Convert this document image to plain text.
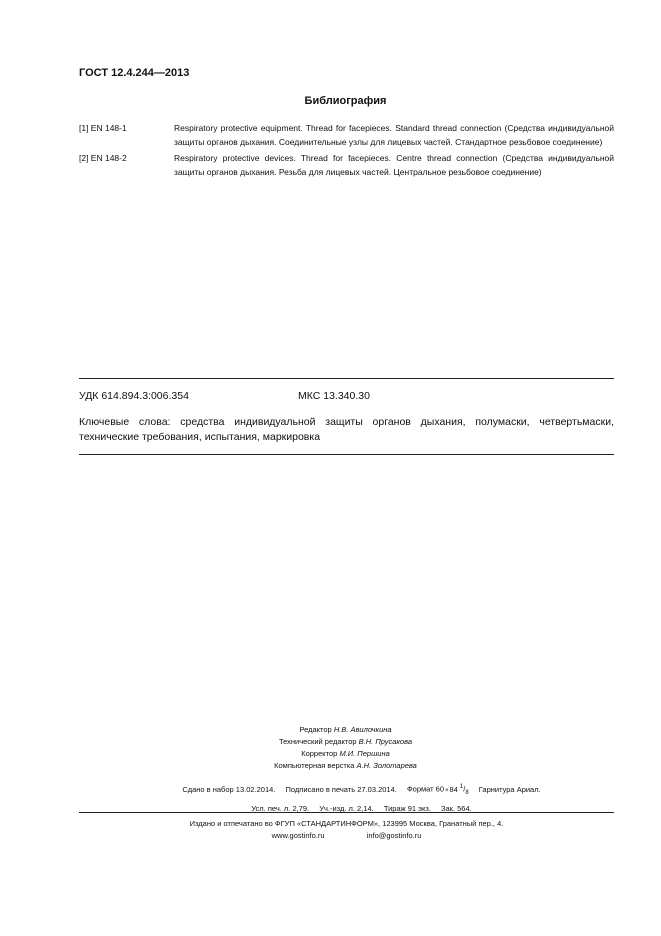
ГОСТ 12.4.244—2013
Библиография
[1] EN 148-1	Respiratory protective equipment. Thread for facepieces. Standard thread connection (Средства индивидуальной защиты органов дыхания. Соединительные узлы для лицевых частей. Стандартное резьбовое соединение)
[2] EN 148-2	Respiratory protective devices. Thread for facepieces. Centre thread connection (Средства индивидуальной защиты органов дыхания. Резьба для лицевых частей. Центральное резьбовое соединение)
УДК 614.894.3:006.354	МКС 13.340.30
Ключевые слова: средства индивидуальной защиты органов дыхания, полумаски, четвертьмаски, технические требования, испытания, маркировка
Редактор Н.В. Авилочкина
Технический редактор В.Н. Прусакова
Корректор М.И. Першина
Компьютерная верстка А.Н. Золотарева
Сдано в набор 13.02.2014. Подписано в печать 27.03.2014. Формат 60×84 $^1/_8$ Гарнитура Ариал.
Усл. печ. л. 2,79. Уч.-изд. л. 2,14. Тираж 91 экз. Зак. 564.
Издано и отпечатано во ФГУП «СТАНДАРТИНФОРМ», 123995 Москва, Гранатный пер., 4.
www.gostinfo.ru	info@gostinfo.ru
